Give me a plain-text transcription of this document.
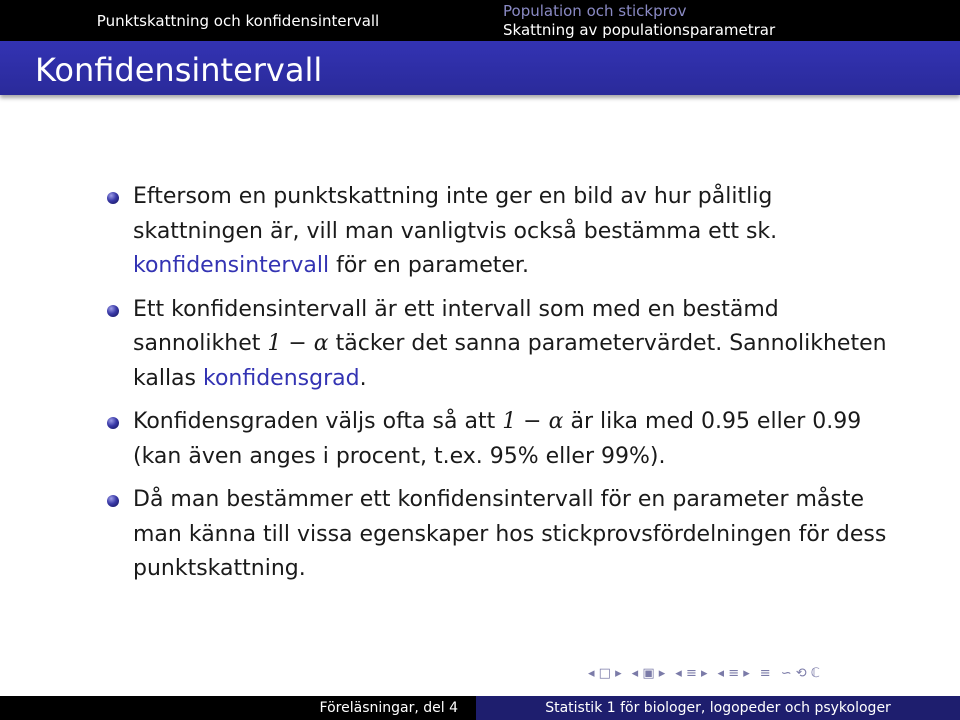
Punktskattning och konfidensintervall
Population och stickprov
Skattning av populationsparametrar
Konfidensintervall
Eftersom en punktskattning inte ger en bild av hur pålitlig skattningen är, vill man vanligtvis också bestämma ett sk. konfidensintervall för en parameter.
Ett konfidensintervall är ett intervall som med en bestämd sannolikhet 1 − α täcker det sanna parametervärdet. Sannolikheten kallas konfidensgrad.
Konfidensgraden väljs ofta så att 1 − α är lika med 0.95 eller 0.99 (kan även anges i procent, t.ex. 95% eller 99%).
Då man bestämmer ett konfidensintervall för en parameter måste man känna till vissa egenskaper hos stickprovsfördelningen för dess punktskattning.
◂ □ ▸ ◂ ▣ ▸ ◂ ≡ ▸ ◂ ≡ ▸ ≡ ∽ ⟲ ℂ
Föreläsningar, del 4	Statistik 1 för biologer, logopeder och psykologer
